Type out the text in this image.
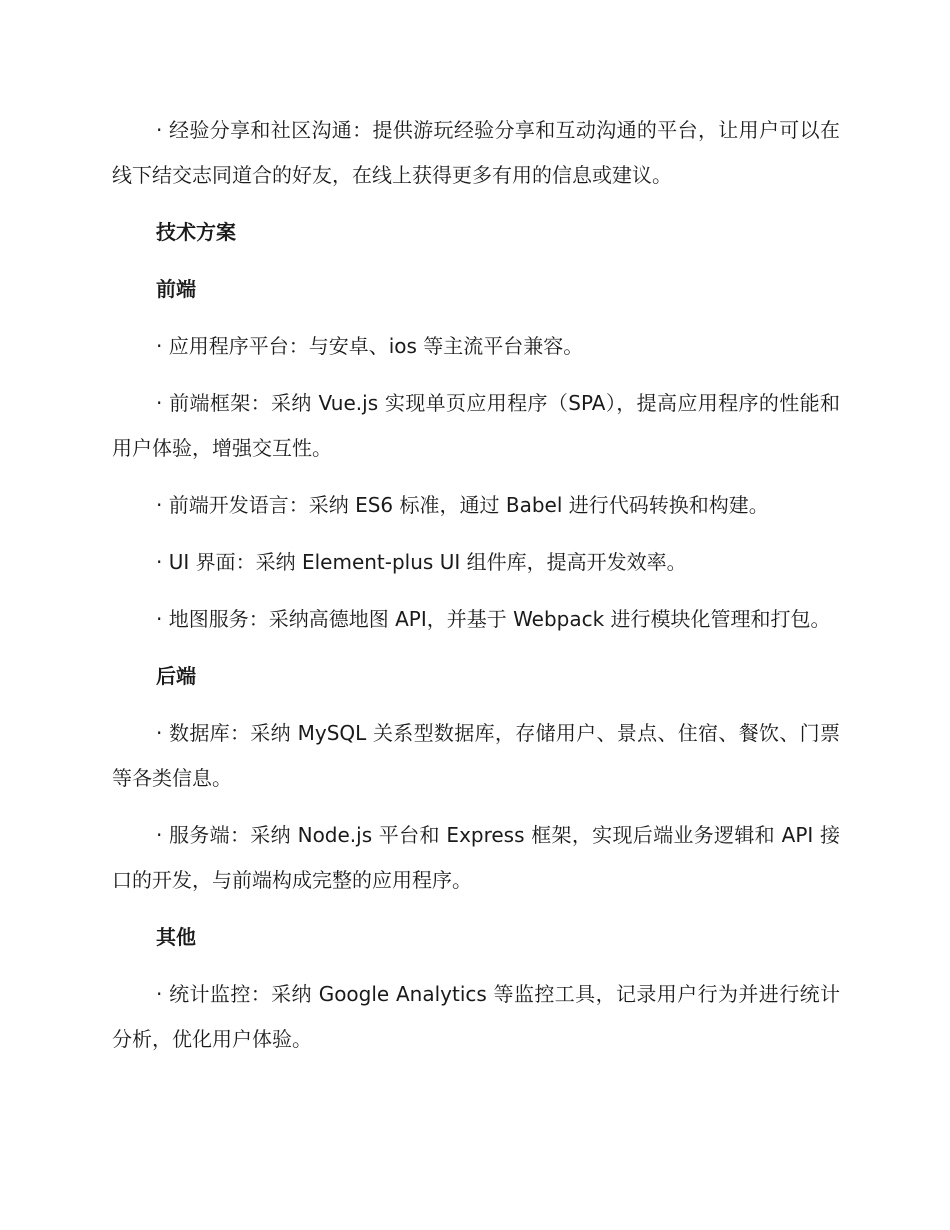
· 经验分享和社区沟通：提供游玩经验分享和互动沟通的平台，让用户可以在线下结交志同道合的好友，在线上获得更多有用的信息或建议。

技术方案
前端

· 应用程序平台：与安卓、ios 等主流平台兼容。

· 前端框架：采纳 Vue.js 实现单页应用程序（SPA），提高应用程序的性能和用户体验，增强交互性。

· 前端开发语言：采纳 ES6 标准，通过 Babel 进行代码转换和构建。

· UI 界面：采纳 Element-plus UI 组件库，提高开发效率。

· 地图服务：采纳高德地图 API，并基于 Webpack 进行模块化管理和打包。

后端

· 数据库：采纳 MySQL 关系型数据库，存储用户、景点、住宿、餐饮、门票等各类信息。

· 服务端：采纳 Node.js 平台和 Express 框架，实现后端业务逻辑和 API 接口的开发，与前端构成完整的应用程序。

其他

· 统计监控：采纳 Google Analytics 等监控工具，记录用户行为并进行统计分析，优化用户体验。
